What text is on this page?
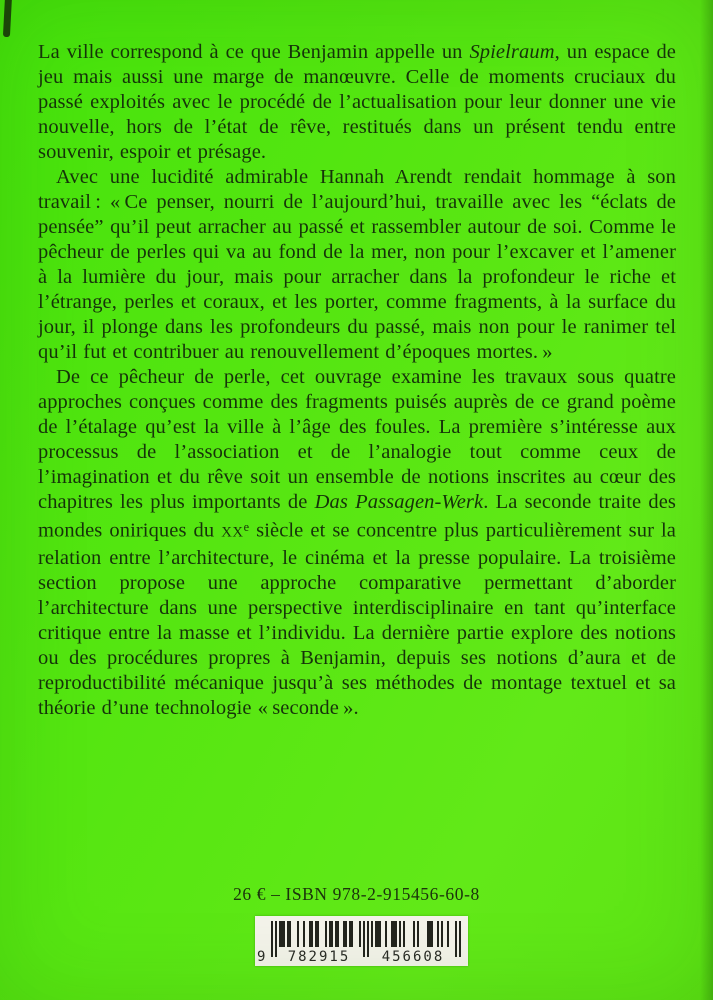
La ville correspond à ce que Benjamin appelle un Spielraum, un espace de jeu mais aussi une marge de manœuvre. Celle de moments cruciaux du passé exploités avec le procédé de l’actualisation pour leur donner une vie nouvelle, hors de l’état de rêve, restitués dans un présent tendu entre souvenir, espoir et présage.

Avec une lucidité admirable Hannah Arendt rendait hommage à son travail : « Ce penser, nourri de l’aujourd’hui, travaille avec les “éclats de pensée” qu’il peut arracher au passé et rassembler autour de soi. Comme le pêcheur de perles qui va au fond de la mer, non pour l’excaver et l’amener à la lumière du jour, mais pour arracher dans la profondeur le riche et l’étrange, perles et coraux, et les porter, comme fragments, à la surface du jour, il plonge dans les profondeurs du passé, mais non pour le ranimer tel qu’il fut et contribuer au renouvellement d’époques mortes. »

De ce pêcheur de perle, cet ouvrage examine les travaux sous quatre approches conçues comme des fragments puisés auprès de ce grand poème de l’étalage qu’est la ville à l’âge des foules. La première s’intéresse aux processus de l’association et de l’analogie tout comme ceux de l’imagination et du rêve soit un ensemble de notions inscrites au cœur des chapitres les plus importants de Das Passagen-Werk. La seconde traite des mondes oniriques du XXe siècle et se concentre plus particulièrement sur la relation entre l’architecture, le cinéma et la presse populaire. La troisième section propose une approche comparative permettant d’aborder l’architecture dans une perspective interdisciplinaire en tant qu’interface critique entre la masse et l’individu. La dernière partie explore des notions ou des procédures propres à Benjamin, depuis ses notions d’aura et de reproductibilité mécanique jusqu’à ses méthodes de montage textuel et sa théorie d’une technologie « seconde ».

26 € – ISBN 978-2-915456-60-8
9	782915	456608
